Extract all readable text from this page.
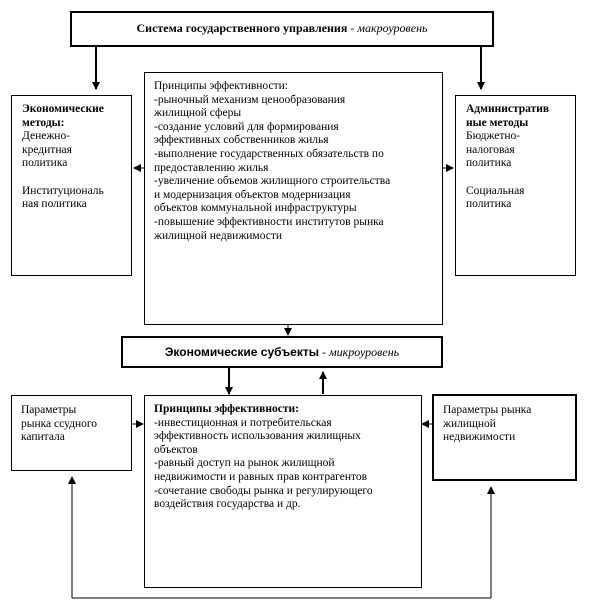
Система государственного управления - макроуровень
Экономические
методы:
Денежно-
кредитная
политика

Институциональ
ная политика
Принципы эффективности:
-рыночный механизм ценообразования
жилищной сферы
-создание условий для формирования
эффективных собственников жилья
-выполнение государственных обязательств по
предоставлению жилья
-увеличение объемов жилищного строительства
и модернизация объектов модернизация
объектов коммунальной инфраструктуры
-повышение эффективности институтов рынка
жилищной недвижимости
Административ
ные методы
Бюджетно-
налоговая
политика

Социальная
политика
Экономические субъекты - микроуровень
Параметры
рынка ссудного
капитала
Принципы эффективности:
-инвестиционная и потребительская
эффективность использования жилищных
объектов
-равный доступ на рынок жилищной
недвижимости и равных прав контрагентов
-сочетание свободы рынка и регулирующего
воздействия государства и др.
Параметры рынка
жилищной
недвижимости
